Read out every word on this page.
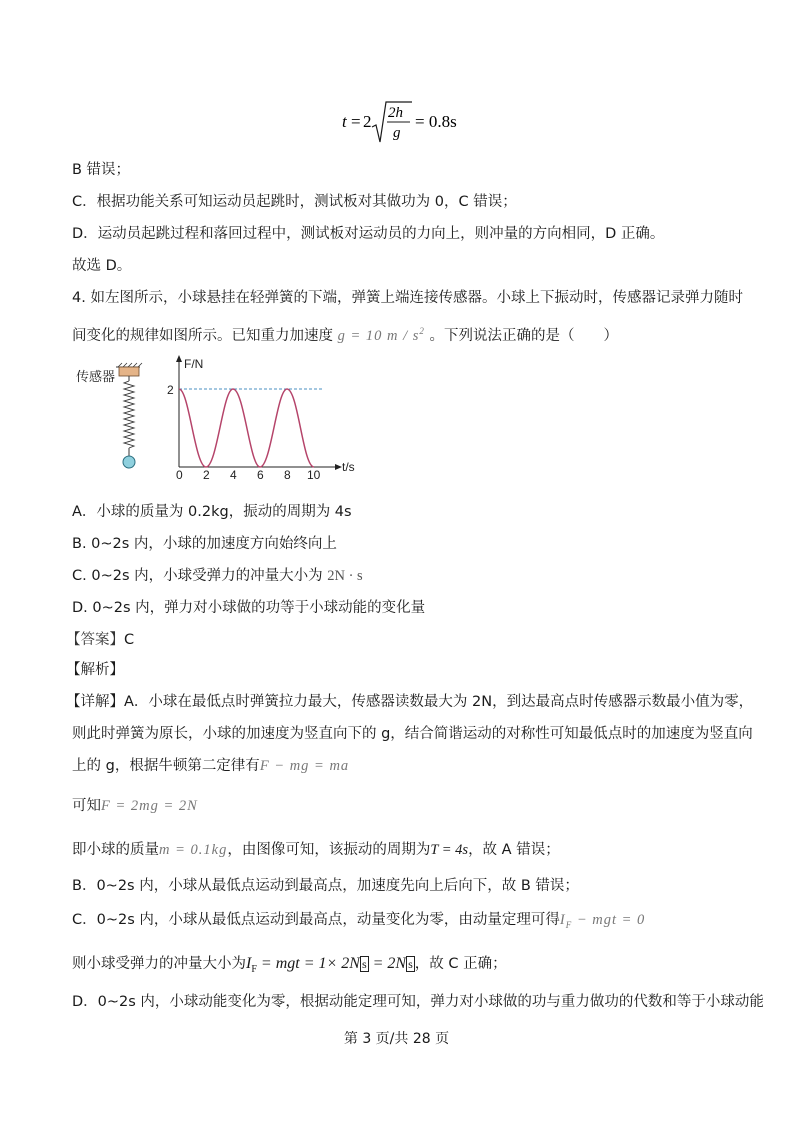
t = 2 2h
g
= 0.8s
B 错误；
C．根据功能关系可知运动员起跳时，测试板对其做功为 0，C 错误；
D．运动员起跳过程和落回过程中，测试板对运动员的力向上，则冲量的方向相同，D 正确。
故选 D。
4. 如左图所示，小球悬挂在轻弹簧的下端，弹簧上端连接传感器。小球上下振动时，传感器记录弹力随时
间变化的规律如图所示。已知重力加速度 g = 10 m / $s^2$ 。下列说法正确的是（　　）
传感器
F/N
t/s
2
0 2 4 6 8 10
A．小球的质量为 0.2kg，振动的周期为 4s
B. 0~2s 内，小球的加速度方向始终向上
C. 0~2s 内，小球受弹力的冲量大小为 2N · s
D. 0~2s 内，弹力对小球做的功等于小球动能的变化量
【答案】C
【解析】
【详解】A．小球在最低点时弹簧拉力最大，传感器读数最大为 2N，到达最高点时传感器示数最小值为零，
则此时弹簧为原长，小球的加速度为竖直向下的 g，结合简谐运动的对称性可知最低点时的加速度为竖直向
上的 g，根据牛顿第二定律有F − mg = ma
可知F = 2mg = 2N
即小球的质量m = 0.1kg，由图像可知，该振动的周期为T = 4s，故 A 错误；
B．0~2s 内，小球从最低点运动到最高点，加速度先向上后向下，故 B 错误；
C．0~2s 内，小球从最低点运动到最高点，动量变化为零，由动量定理可得$I_F$ − mgt = 0
则小球受弹力的冲量大小为$I_F$ = mgt = 1× 2N s = 2N s ，故 C 正确；
D．0~2s 内，小球动能变化为零，根据动能定理可知，弹力对小球做的功与重力做功的代数和等于小球动能
第 3 页/共 28 页
